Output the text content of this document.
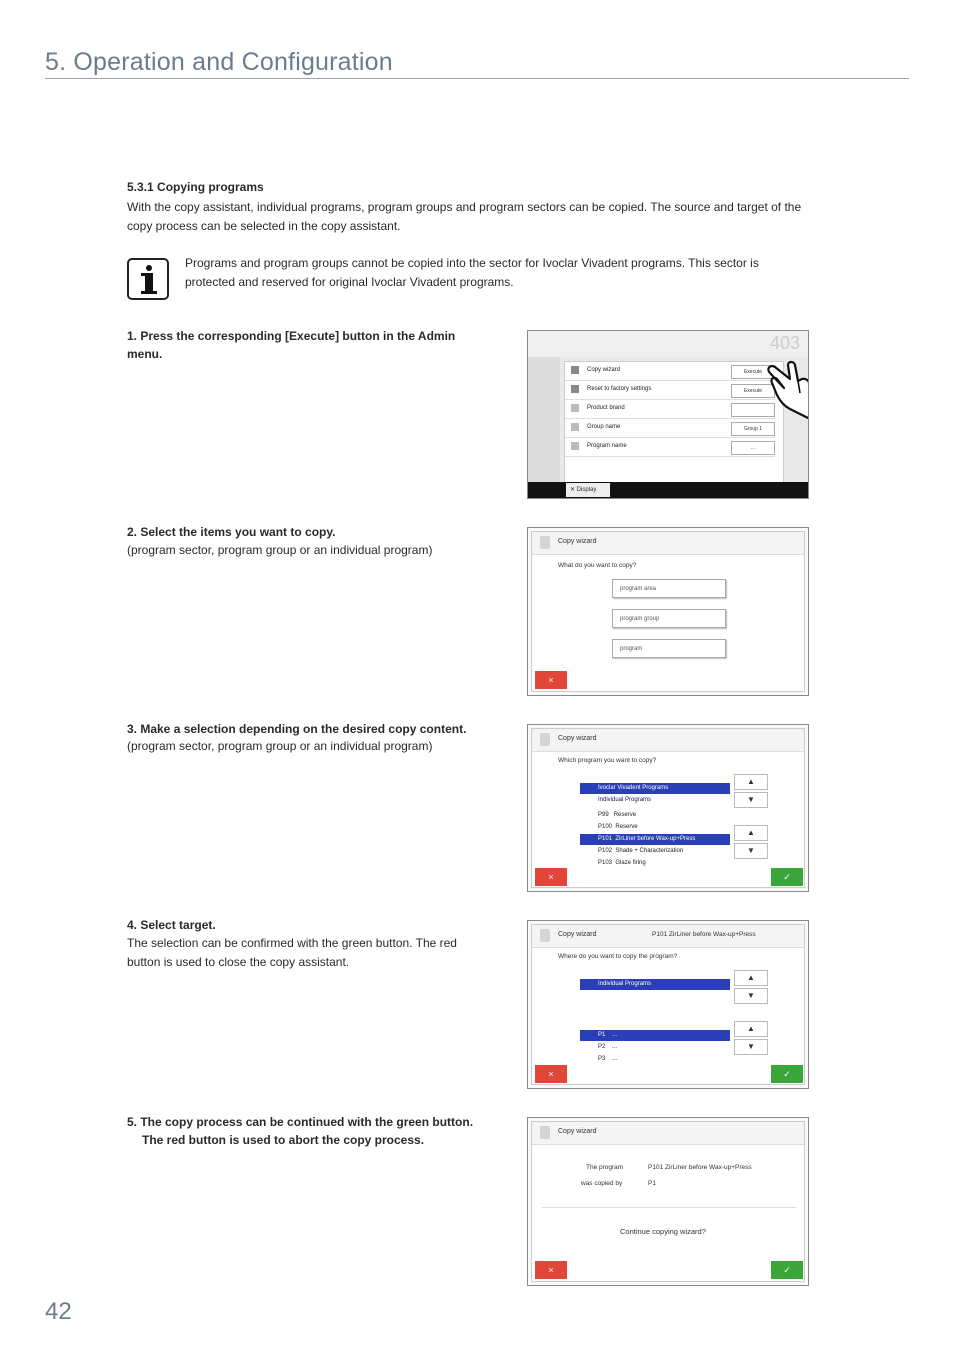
5. Operation and Configuration
5.3.1 Copying programs
With the copy assistant, individual programs, program groups and program sectors can be copied. The source and target of the copy process can be selected in the copy assistant.
Programs and program groups cannot be copied into the sector for Ivoclar Vivadent programs. This sector is protected and reserved for original Ivoclar Vivadent programs.
1. Press the corresponding [Execute] button in the Admin menu.
403
Copy wizard	Execute
Reset to factory settings	Execute
Product brand
Group name	Group 1
Program name	...
✕ Display
2. Select the items you want to copy.
(program sector, program group or an individual program)
Copy wizard
What do you want to copy?
program area
program group
program
×
3. Make a selection depending on the desired copy content.
(program sector, program group or an individual program)
Copy wizard
Which program you want to copy?
Ivoclar Vivadent Programs
Individual Programs
P99 Reserve
P100 Reserve
P101 ZirLiner before Wax-up+Press
P102 Shade + Characterization
P103 Glaze firing
▲
▼
▲
▼
×	✓
4. Select target.
The selection can be confirmed with the green button. The red button is used to close the copy assistant.
Copy wizard	P101 ZirLiner before Wax-up+Press
Where do you want to copy the program?
Individual Programs
P1 ...
P2 ...
P3 ...
▲
▼
▲
▼
×	✓
5. The copy process can be continued with the green button.
The red button is used to abort the copy process.
Copy wizard
The program	P101 ZirLiner before Wax-up+Press
was copied by	P1
Continue copying wizard?
×	✓
42
